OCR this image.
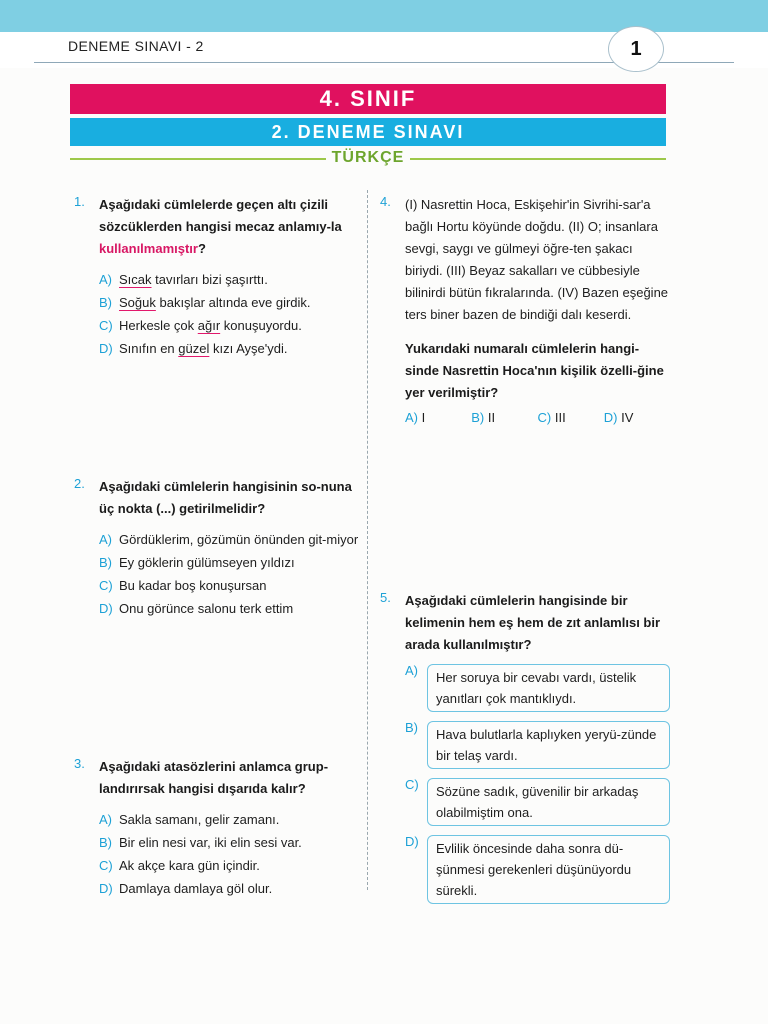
DENEME SINAVI - 2	1
4. SINIF
2. DENEME SINAVI
TÜRKÇE
1. Aşağıdaki cümlelerde geçen altı çizili sözcüklerden hangisi mecaz anlamıy-la kullanılmamıştır?
A) Sıcak tavırları bizi şaşırttı.
B) Soğuk bakışlar altında eve girdik.
C) Herkesle çok ağır konuşuyordu.
D) Sınıfın en güzel kızı Ayşe'ydi.
2. Aşağıdaki cümlelerin hangisinin so-nuna üç nokta (...) getirilmelidir?
A) Gördüklerim, gözümün önünden git-miyor
B) Ey göklerin gülümseyen yıldızı
C) Bu kadar boş konuşursan
D) Onu görünce salonu terk ettim
3. Aşağıdaki atasözlerini anlamca grup-landırırsak hangisi dışarıda kalır?
A) Sakla samanı, gelir zamanı.
B) Bir elin nesi var, iki elin sesi var.
C) Ak akçe kara gün içindir.
D) Damlaya damlaya göl olur.
4. (I) Nasrettin Hoca, Eskişehir'in Sivrihi-sar'a bağlı Hortu köyünde doğdu. (II) O; insanlara sevgi, saygı ve gülmeyi öğre-ten şakacı biriydi. (III) Beyaz sakalları ve cübbesiyle bilinirdi bütün fıkralarında. (IV) Bazen eşeğine ters biner bazen de bindiği dalı keserdi.
Yukarıdaki numaralı cümlelerin hangi-sinde Nasrettin Hoca'nın kişilik özelli-ğine yer verilmiştir?
A) I	B) II	C) III	D) IV
5. Aşağıdaki cümlelerin hangisinde bir kelimenin hem eş hem de zıt anlamlısı bir arada kullanılmıştır?
A)	Her soruya bir cevabı vardı, üstelik yanıtları çok mantıklıydı.
B)	Hava bulutlarla kaplıyken yeryü-zünde bir telaş vardı.
C)	Sözüne sadık, güvenilir bir arkadaş olabilmiştim ona.
D)	Evlilik öncesinde daha sonra dü-şünmesi gerekenleri düşünüyordu sürekli.
